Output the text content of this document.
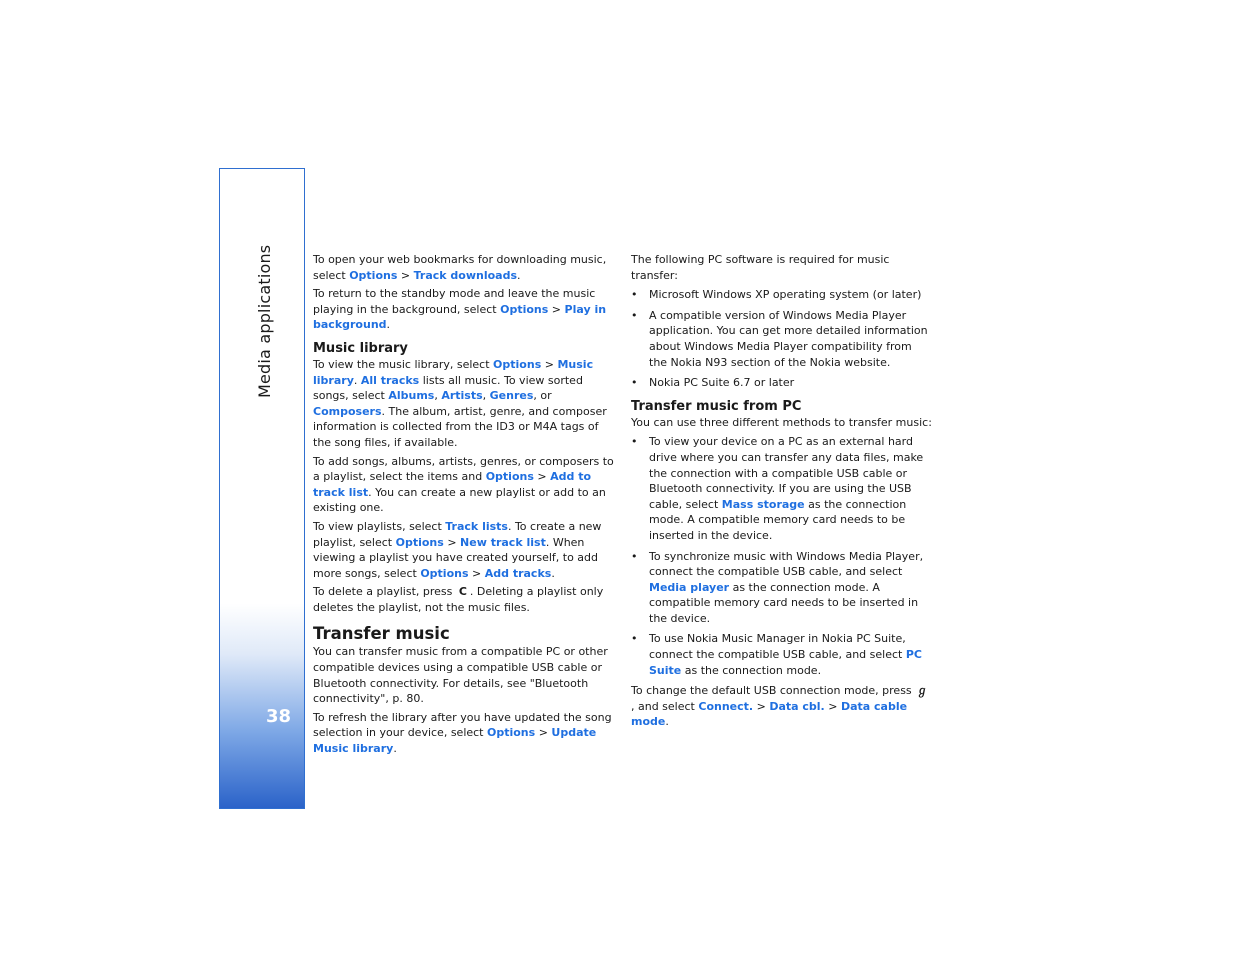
Media applications
38

To open your web bookmarks for downloading music, select Options > Track downloads.

To return to the standby mode and leave the music playing in the background, select Options > Play in background.

Music library

To view the music library, select Options > Music library. All tracks lists all music. To view sorted songs, select Albums, Artists, Genres, or Composers. The album, artist, genre, and composer information is collected from the ID3 or M4A tags of the song files, if available.

To add songs, albums, artists, genres, or composers to a playlist, select the items and Options > Add to track list. You can create a new playlist or add to an existing one.

To view playlists, select Track lists. To create a new playlist, select Options > New track list. When viewing a playlist you have created yourself, to add more songs, select Options > Add tracks.

To delete a playlist, press C . Deleting a playlist only deletes the playlist, not the music files.

Transfer music

You can transfer music from a compatible PC or other compatible devices using a compatible USB cable or Bluetooth connectivity. For details, see "Bluetooth connectivity", p. 80.

To refresh the library after you have updated the song selection in your device, select Options > Update Music library.

The following PC software is required for music transfer:

• Microsoft Windows XP operating system (or later)
• A compatible version of Windows Media Player application. You can get more detailed information about Windows Media Player compatibility from the Nokia N93 section of the Nokia website.
• Nokia PC Suite 6.7 or later
Transfer music from PC

You can use three different methods to transfer music:

• To view your device on a PC as an external hard drive where you can transfer any data files, make the connection with a compatible USB cable or Bluetooth connectivity. If you are using the USB cable, select Mass storage as the connection mode. A compatible memory card needs to be inserted in the device.
• To synchronize music with Windows Media Player, connect the compatible USB cable, and select Media player as the connection mode. A compatible memory card needs to be inserted in the device.
• To use Nokia Music Manager in Nokia PC Suite, connect the compatible USB cable, and select PC Suite as the connection mode.

To change the default USB connection mode, press ℊ , and select Connect. > Data cbl. > Data cable mode.
